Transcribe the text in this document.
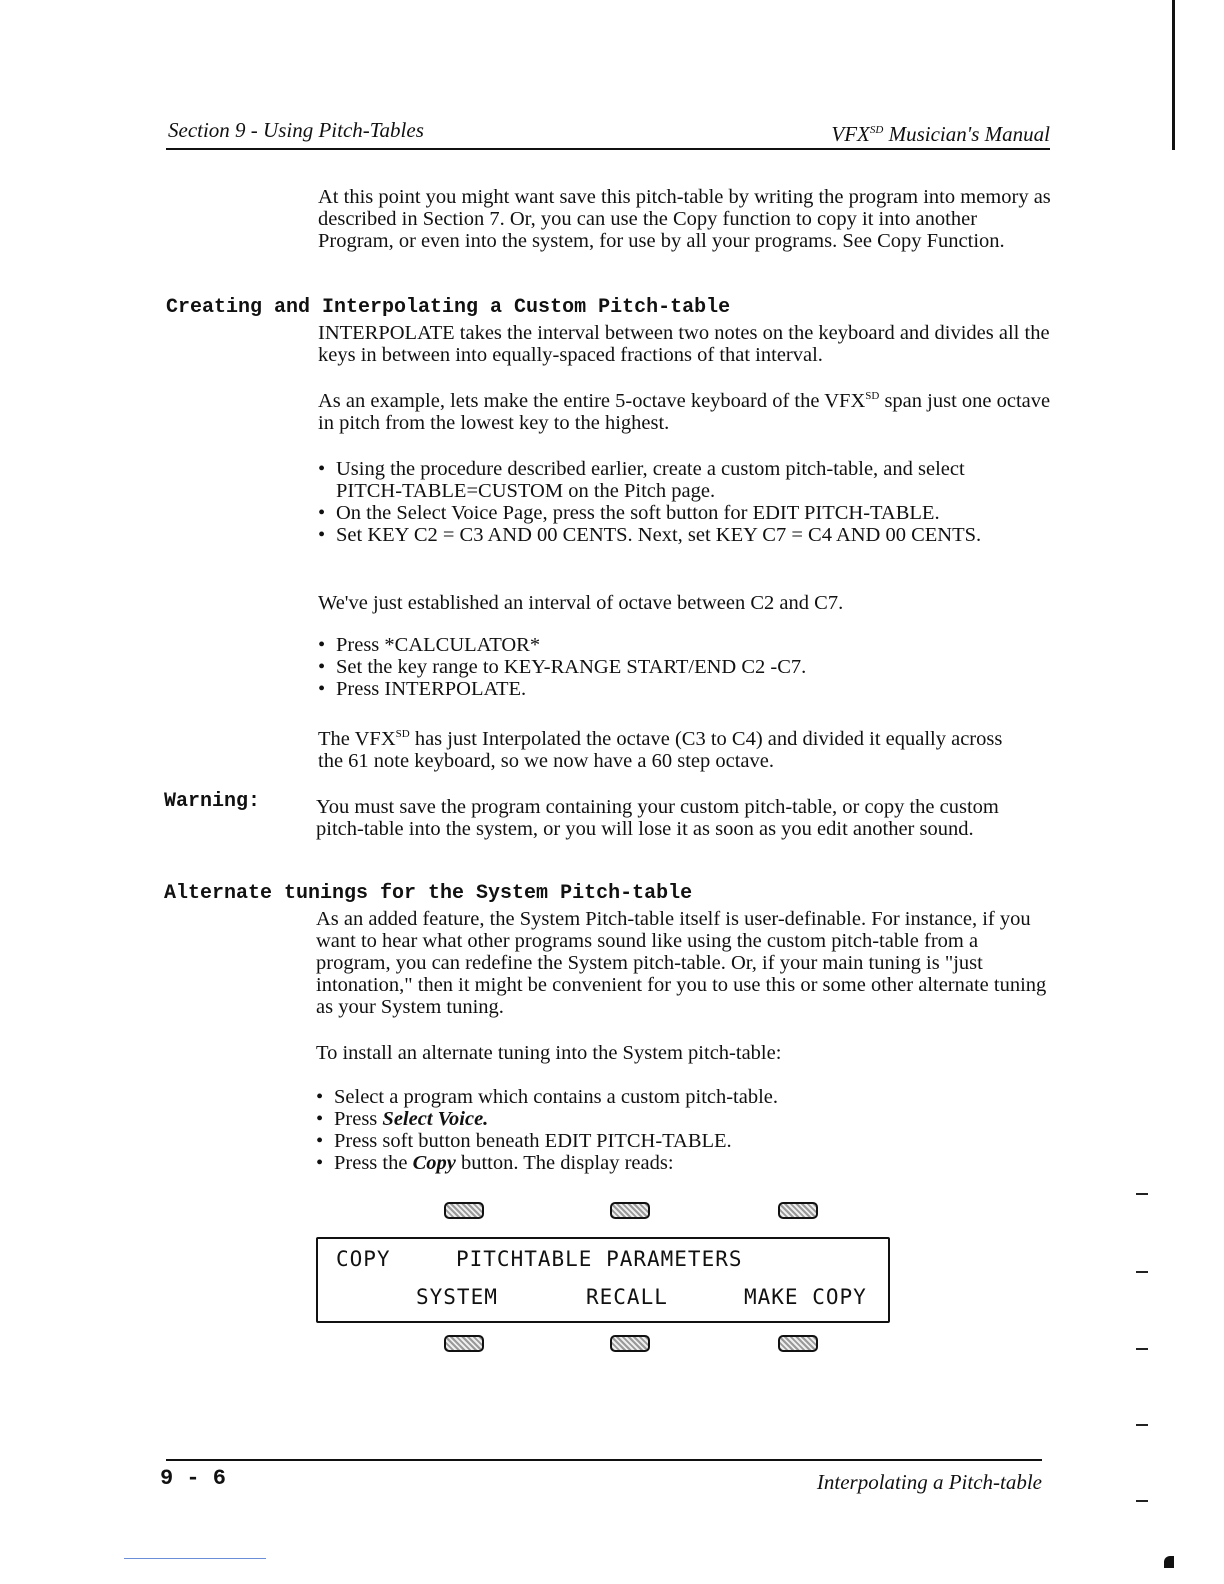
Section 9 - Using Pitch-Tables	$VFX^{SD}$ Musician's Manual
At this point you might want save this pitch-table by writing the program into memory as described in Section 7. Or, you can use the Copy function to copy it into another Program, or even into the system, for use by all your programs. See Copy Function.
Creating and Interpolating a Custom Pitch-table
INTERPOLATE takes the interval between two notes on the keyboard and divides all the keys in between into equally-spaced fractions of that interval.
As an example, lets make the entire 5-octave keyboard of the $VFX^{SD}$ span just one octave in pitch from the lowest key to the highest.
• Using the procedure described earlier, create a custom pitch-table, and select PITCH-TABLE=CUSTOM on the Pitch page.
• On the Select Voice Page, press the soft button for EDIT PITCH-TABLE.
• Set KEY C2 = C3 AND 00 CENTS. Next, set KEY C7 = C4 AND 00 CENTS.
We've just established an interval of octave between C2 and C7.
• Press *CALCULATOR*
• Set the key range to KEY-RANGE START/END C2 -C7.
• Press INTERPOLATE.
The $VFX^{SD}$ has just Interpolated the octave (C3 to C4) and divided it equally across the 61 note keyboard, so we now have a 60 step octave.
Warning:	You must save the program containing your custom pitch-table, or copy the custom pitch-table into the system, or you will lose it as soon as you edit another sound.
Alternate tunings for the System Pitch-table
As an added feature, the System Pitch-table itself is user-definable. For instance, if you want to hear what other programs sound like using the custom pitch-table from a program, you can redefine the System pitch-table. Or, if your main tuning is "just intonation," then it might be convenient for you to use this or some other alternate tuning as your System tuning.
To install an alternate tuning into the System pitch-table:
• Select a program which contains a custom pitch-table.
• Press Select Voice.
• Press soft button beneath EDIT PITCH-TABLE.
• Press the Copy button. The display reads:
COPY	PITCHTABLE PARAMETERS
SYSTEM	RECALL	MAKE COPY
9 - 6	Interpolating a Pitch-table
